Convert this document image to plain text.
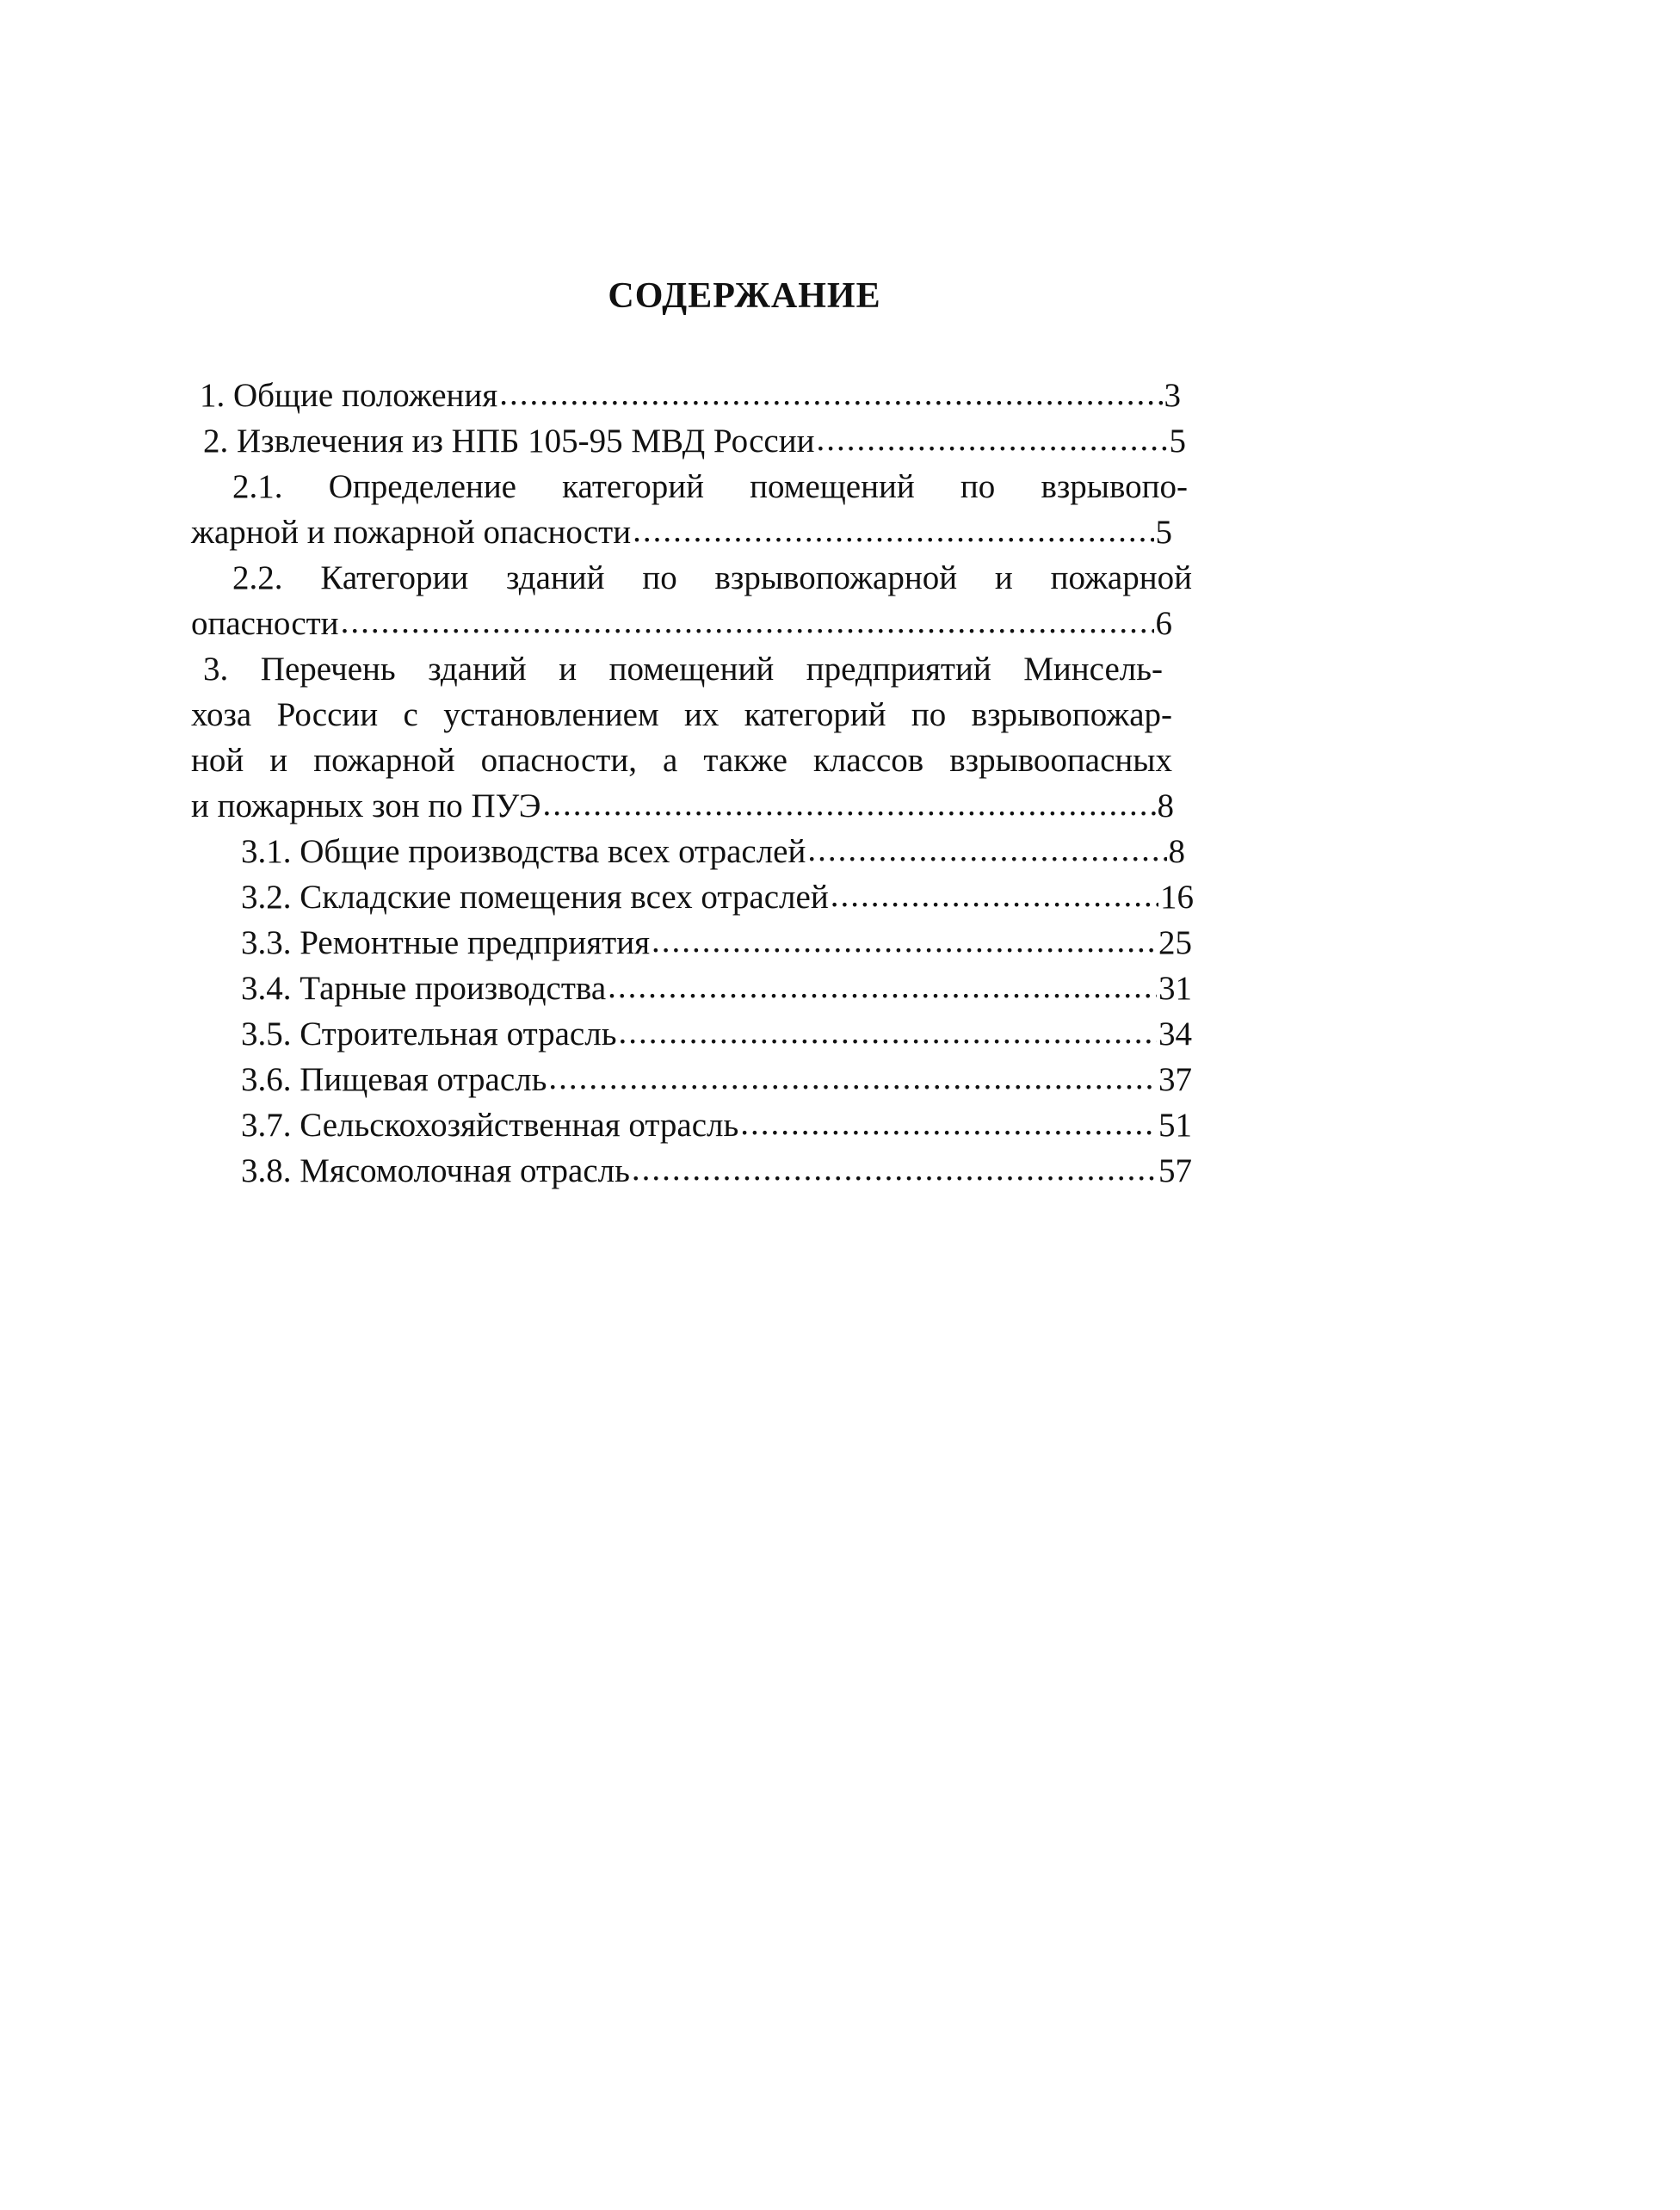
СОДЕРЖАНИЕ
1. Общие положения .....	3
2. Извлечения из НПБ 105-95 МВД России .....	5
2.1. Определение категорий помещений по взрывопо-
жарной и пожарной опасности .....	5
2.2. Категории зданий по взрывопожарной и пожарной
опасности .....	6
3. Перечень зданий и помещений предприятий Минсель-
хоза России с установлением их категорий по взрывопожар-
ной и пожарной опасности, а также классов взрывоопасных
и пожарных зон по ПУЭ .....	8
3.1. Общие производства всех отраслей .....	8
3.2. Складские помещения всех отраслей .....	16
3.3. Ремонтные предприятия .....	25
3.4. Тарные производства .....	31
3.5. Строительная отрасль .....	34
3.6. Пищевая отрасль .....	37
3.7. Сельскохозяйственная отрасль .....	51
3.8. Мясомолочная отрасль .....	57
